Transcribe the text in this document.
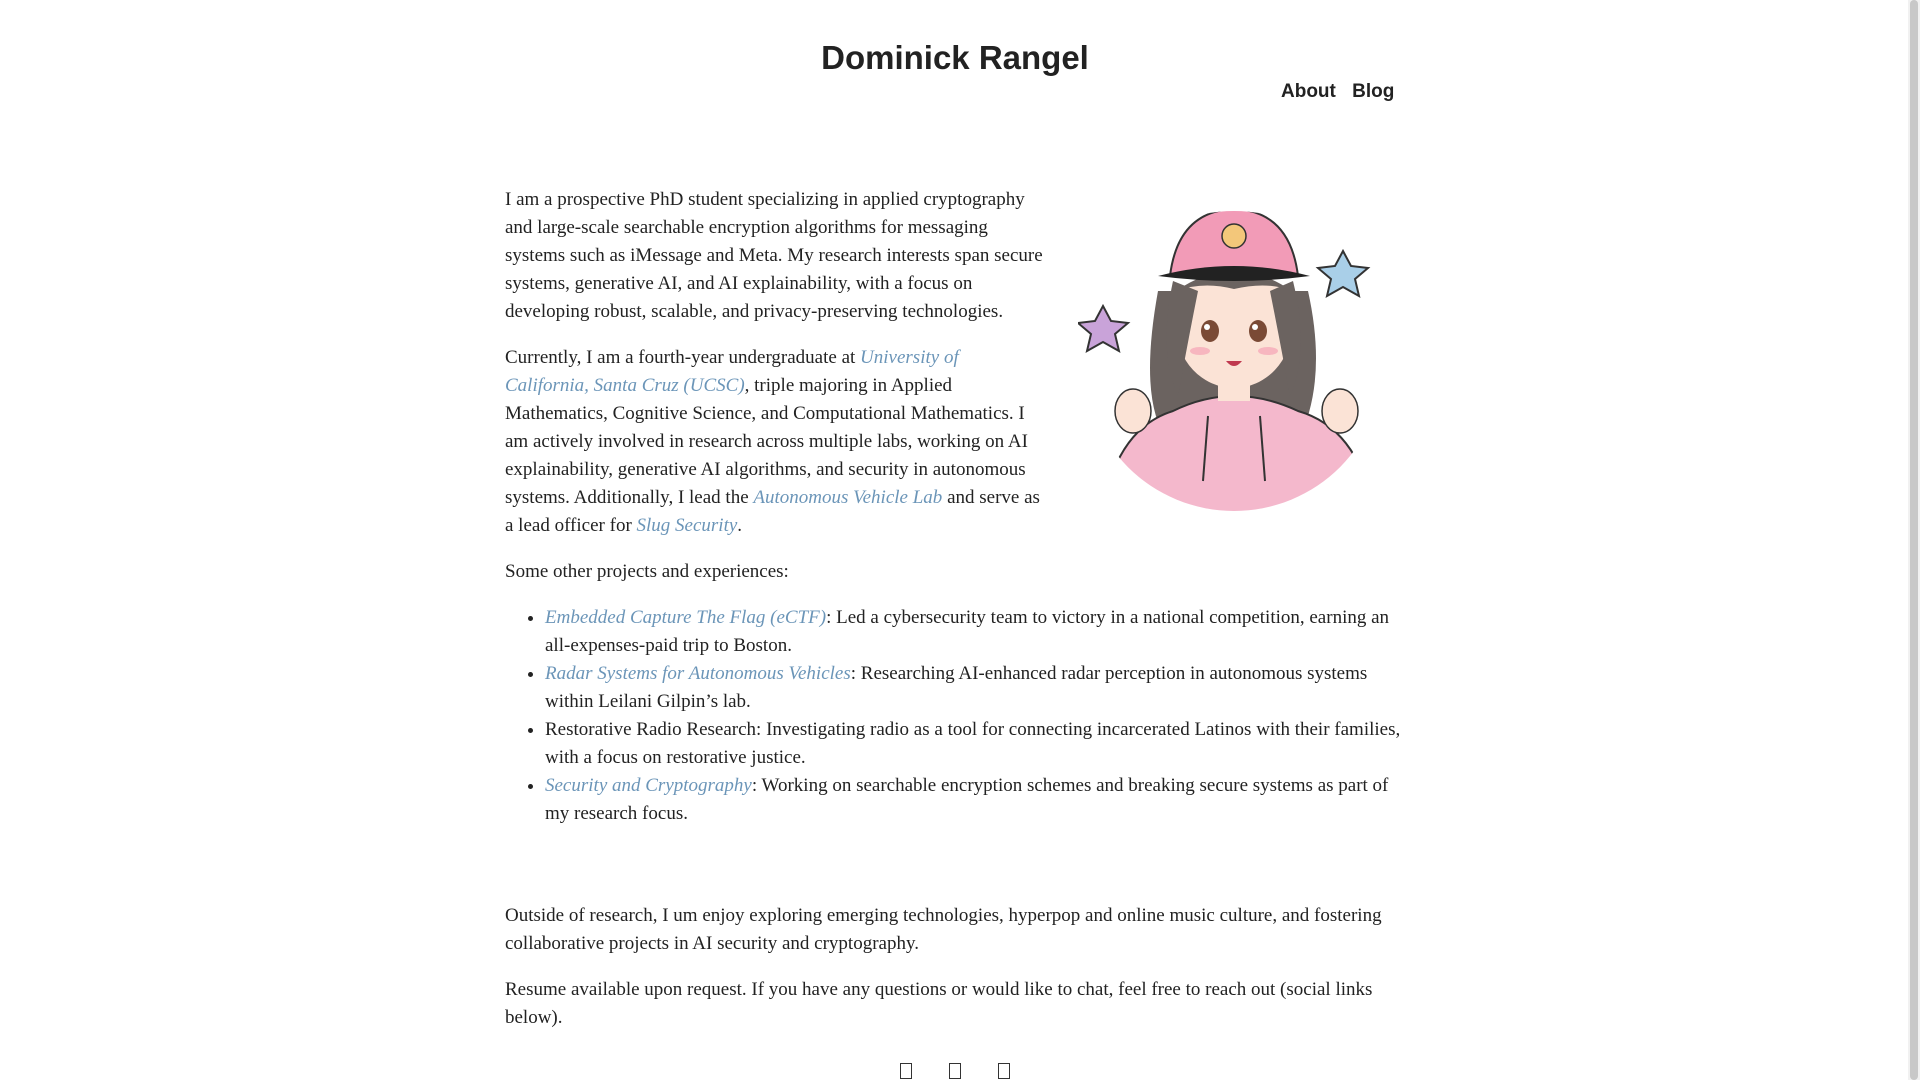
Dominick Rangel
About Blog

I am a prospective PhD student specializing in applied cryptography and large-scale searchable encryption algorithms for messaging systems such as iMessage and Meta. My research interests span secure systems, generative AI, and AI explainability, with a focus on developing robust, scalable, and privacy-preserving technologies.

Currently, I am a fourth-year undergraduate at University of California, Santa Cruz (UCSC), triple majoring in Applied Mathematics, Cognitive Science, and Computational Mathematics. I am actively involved in research across multiple labs, working on AI explainability, generative AI algorithms, and security in autonomous systems. Additionally, I lead the Autonomous Vehicle Lab and serve as a lead officer for Slug Security.

Some other projects and experiences:

• Embedded Capture The Flag (eCTF): Led a cybersecurity team to victory in a national competition, earning an all-expenses-paid trip to Boston.
• Radar Systems for Autonomous Vehicles: Researching AI-enhanced radar perception in autonomous systems within Leilani Gilpin’s lab.
• Restorative Radio Research: Investigating radio as a tool for connecting incarcerated Latinos with their families, with a focus on restorative justice.
• Security and Cryptography: Working on searchable encryption schemes and breaking secure systems as part of my research focus.

Outside of research, I um enjoy exploring emerging technologies, hyperpop and online music culture, and fostering collaborative projects in AI security and cryptography.

Resume available upon request. If you have any questions or would like to chat, feel free to reach out (social links below).
